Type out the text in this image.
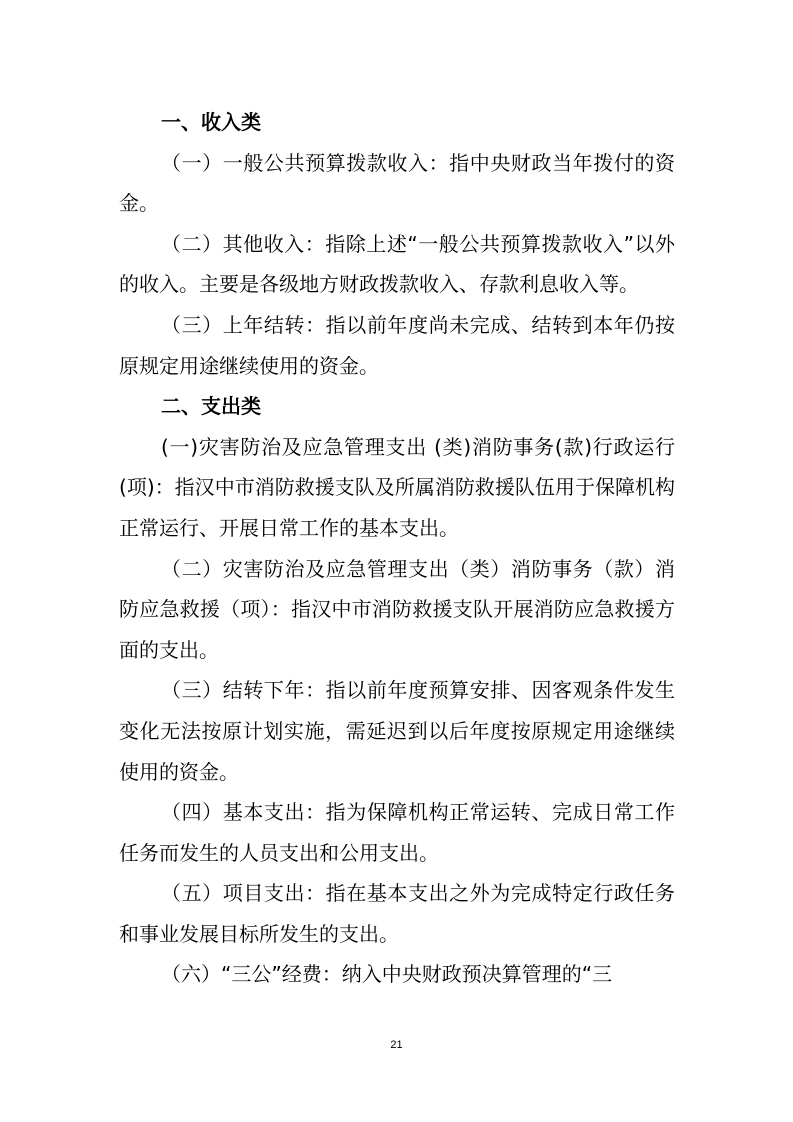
一、收入类

（一）一般公共预算拨款收入：指中央财政当年拨付的资金。

（二）其他收入：指除上述“一般公共预算拨款收入”以外的收入。主要是各级地方财政拨款收入、存款利息收入等。

（三）上年结转：指以前年度尚未完成、结转到本年仍按原规定用途继续使用的资金。

二、支出类

(一)灾害防治及应急管理支出 (类)消防事务(款)行政运行(项)：指汉中市消防救援支队及所属消防救援队伍用于保障机构正常运行、开展日常工作的基本支出。

（二）灾害防治及应急管理支出（类）消防事务（款）消防应急救援（项）：指汉中市消防救援支队开展消防应急救援方面的支出。

（三）结转下年：指以前年度预算安排、因客观条件发生变化无法按原计划实施，需延迟到以后年度按原规定用途继续使用的资金。

（四）基本支出：指为保障机构正常运转、完成日常工作任务而发生的人员支出和公用支出。

（五）项目支出：指在基本支出之外为完成特定行政任务和事业发展目标所发生的支出。

（六）“三公”经费：纳入中央财政预决算管理的“三

21
